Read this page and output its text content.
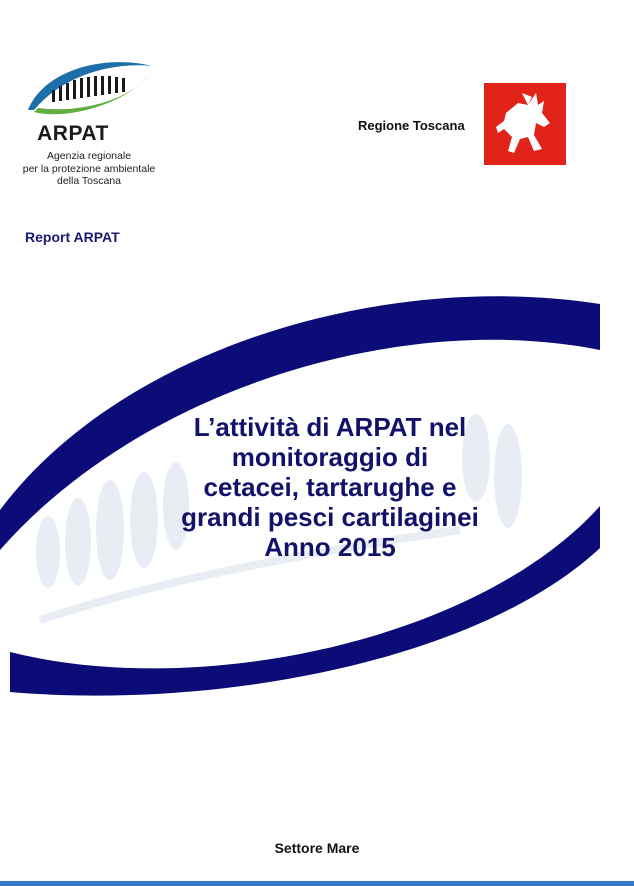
ARPAT
Agenzia regionale
per la protezione ambientale
della Toscana
Regione Toscana
Report ARPAT
L’attività di ARPAT nel
monitoraggio di
cetacei, tartarughe e
grandi pesci cartilaginei
Anno 2015
Settore Mare
